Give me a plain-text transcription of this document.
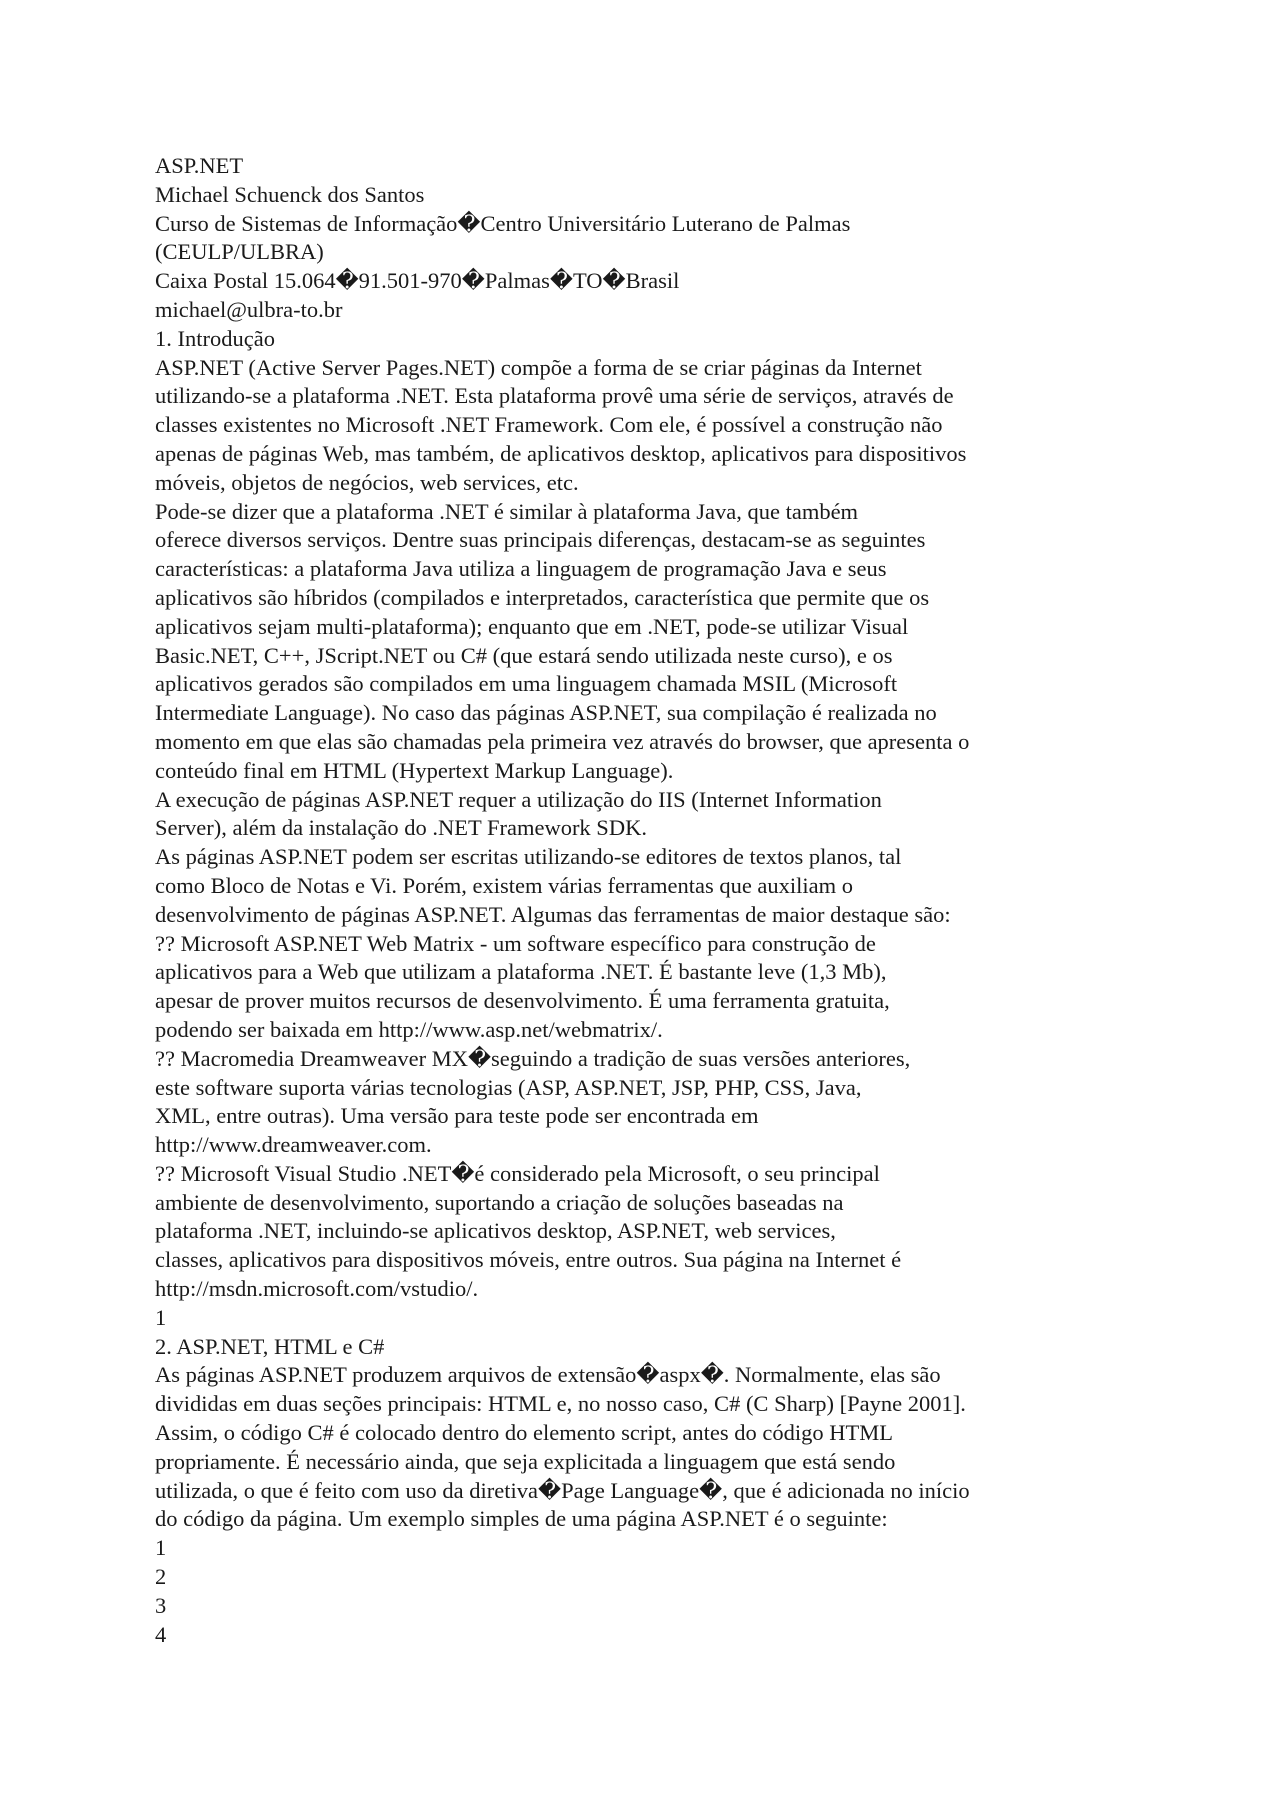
ASP.NET
Michael Schuenck dos Santos
Curso de Sistemas de Informação�Centro Universitário Luterano de Palmas
(CEULP/ULBRA)
Caixa Postal 15.064�91.501-970�Palmas�TO�Brasil
michael@ulbra-to.br
1. Introdução
ASP.NET (Active Server Pages.NET) compõe a forma de se criar páginas da Internet
utilizando-se a plataforma .NET. Esta plataforma provê uma série de serviços, através de
classes existentes no Microsoft .NET Framework. Com ele, é possível a construção não
apenas de páginas Web, mas também, de aplicativos desktop, aplicativos para dispositivos
móveis, objetos de negócios, web services, etc.
Pode-se dizer que a plataforma .NET é similar à plataforma Java, que também
oferece diversos serviços. Dentre suas principais diferenças, destacam-se as seguintes
características: a plataforma Java utiliza a linguagem de programação Java e seus
aplicativos são híbridos (compilados e interpretados, característica que permite que os
aplicativos sejam multi-plataforma); enquanto que em .NET, pode-se utilizar Visual
Basic.NET, C++, JScript.NET ou C# (que estará sendo utilizada neste curso), e os
aplicativos gerados são compilados em uma linguagem chamada MSIL (Microsoft
Intermediate Language). No caso das páginas ASP.NET, sua compilação é realizada no
momento em que elas são chamadas pela primeira vez através do browser, que apresenta o
conteúdo final em HTML (Hypertext Markup Language).
A execução de páginas ASP.NET requer a utilização do IIS (Internet Information
Server), além da instalação do .NET Framework SDK.
As páginas ASP.NET podem ser escritas utilizando-se editores de textos planos, tal
como Bloco de Notas e Vi. Porém, existem várias ferramentas que auxiliam o
desenvolvimento de páginas ASP.NET. Algumas das ferramentas de maior destaque são:
?? Microsoft ASP.NET Web Matrix - um software específico para construção de
aplicativos para a Web que utilizam a plataforma .NET. É bastante leve (1,3 Mb),
apesar de prover muitos recursos de desenvolvimento. É uma ferramenta gratuita,
podendo ser baixada em http://www.asp.net/webmatrix/.
?? Macromedia Dreamweaver MX�seguindo a tradição de suas versões anteriores,
este software suporta várias tecnologias (ASP, ASP.NET, JSP, PHP, CSS, Java,
XML, entre outras). Uma versão para teste pode ser encontrada em
http://www.dreamweaver.com.
?? Microsoft Visual Studio .NET�é considerado pela Microsoft, o seu principal
ambiente de desenvolvimento, suportando a criação de soluções baseadas na
plataforma .NET, incluindo-se aplicativos desktop, ASP.NET, web services,
classes, aplicativos para dispositivos móveis, entre outros. Sua página na Internet é
http://msdn.microsoft.com/vstudio/.
1
2. ASP.NET, HTML e C#
As páginas ASP.NET produzem arquivos de extensão�aspx�. Normalmente, elas são
divididas em duas seções principais: HTML e, no nosso caso, C# (C Sharp) [Payne 2001].
Assim, o código C# é colocado dentro do elemento script, antes do código HTML
propriamente. É necessário ainda, que seja explicitada a linguagem que está sendo
utilizada, o que é feito com uso da diretiva�Page Language�, que é adicionada no início
do código da página. Um exemplo simples de uma página ASP.NET é o seguinte:
1
2
3
4
